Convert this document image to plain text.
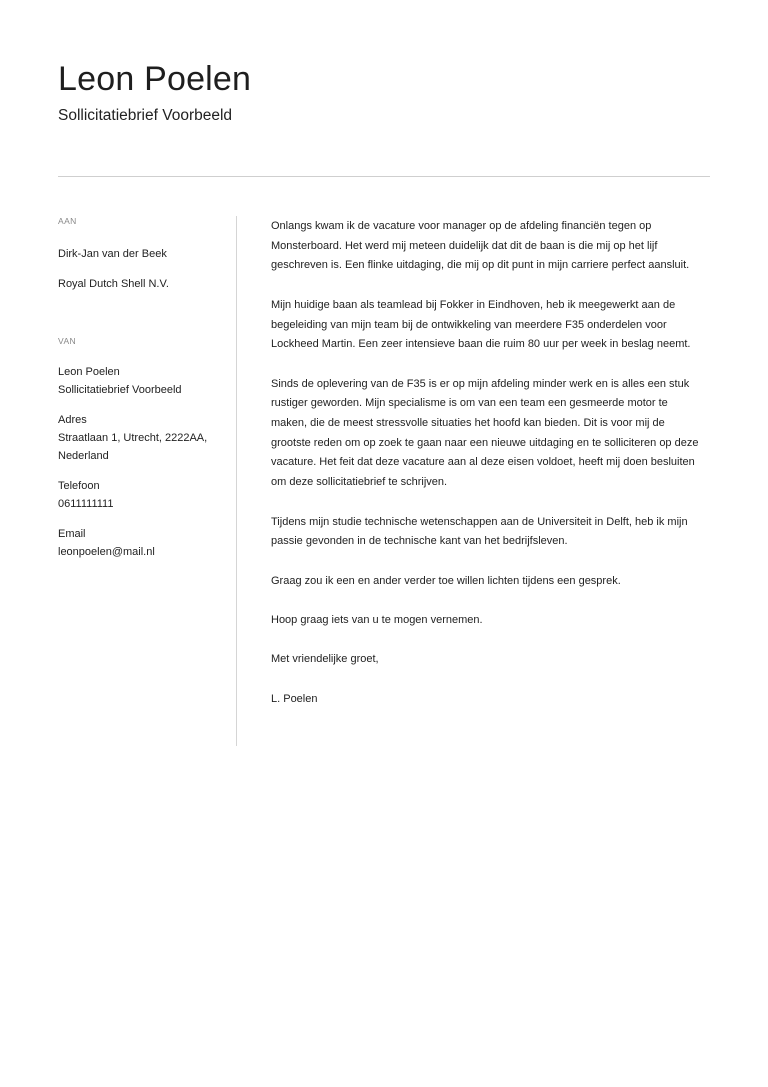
Leon Poelen
Sollicitatiebrief Voorbeeld
AAN
Dirk-Jan van der Beek
Royal Dutch Shell N.V.
VAN
Leon Poelen
Sollicitatiebrief Voorbeeld
Adres
Straatlaan 1, Utrecht, 2222AA,
Nederland
Telefoon
0611111111
Email
leonpoelen@mail.nl

Onlangs kwam ik de vacature voor manager op de afdeling financiën tegen op Monsterboard. Het werd mij meteen duidelijk dat dit de baan is die mij op het lijf geschreven is. Een flinke uitdaging, die mij op dit punt in mijn carriere perfect aansluit.

Mijn huidige baan als teamlead bij Fokker in Eindhoven, heb ik meegewerkt aan de begeleiding van mijn team bij de ontwikkeling van meerdere F35 onderdelen voor Lockheed Martin. Een zeer intensieve baan die ruim 80 uur per week in beslag neemt.

Sinds de oplevering van de F35 is er op mijn afdeling minder werk en is alles een stuk rustiger geworden. Mijn specialisme is om van een team een gesmeerde motor te maken, die de meest stressvolle situaties het hoofd kan bieden. Dit is voor mij de grootste reden om op zoek te gaan naar een nieuwe uitdaging en te solliciteren op deze vacature. Het feit dat deze vacature aan al deze eisen voldoet, heeft mij doen besluiten om deze sollicitatiebrief te schrijven.

Tijdens mijn studie technische wetenschappen aan de Universiteit in Delft, heb ik mijn passie gevonden in de technische kant van het bedrijfsleven.

Graag zou ik een en ander verder toe willen lichten tijdens een gesprek.

Hoop graag iets van u te mogen vernemen.

Met vriendelijke groet,

L. Poelen
